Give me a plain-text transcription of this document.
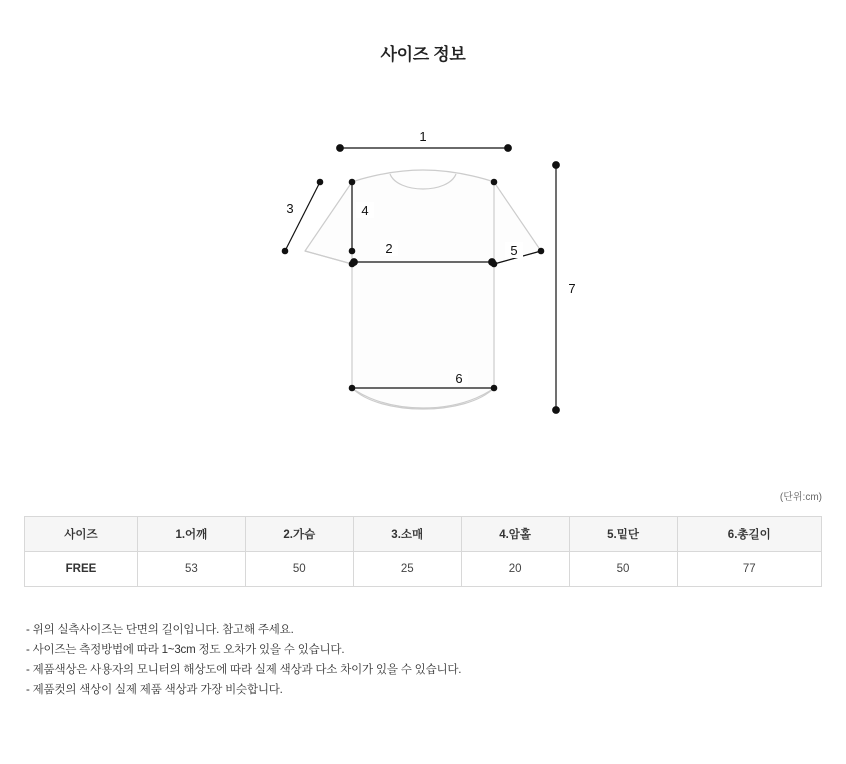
사이즈 정보
1
2
3	4
5
6
7
(단위:cm)
사이즈	1.어깨	2.가슴	3.소매	4.암홀	5.밑단	6.총길이
FREE	53	50	25	20	50	77
- 위의 실측사이즈는 단면의 길이입니다. 참고해 주세요.
- 사이즈는 측정방법에 따라 1~3cm 정도 오차가 있을 수 있습니다.
- 제품색상은 사용자의 모니터의 해상도에 따라 실제 색상과 다소 차이가 있을 수 있습니다.
- 제품컷의 색상이 실제 제품 색상과 가장 비슷합니다.
